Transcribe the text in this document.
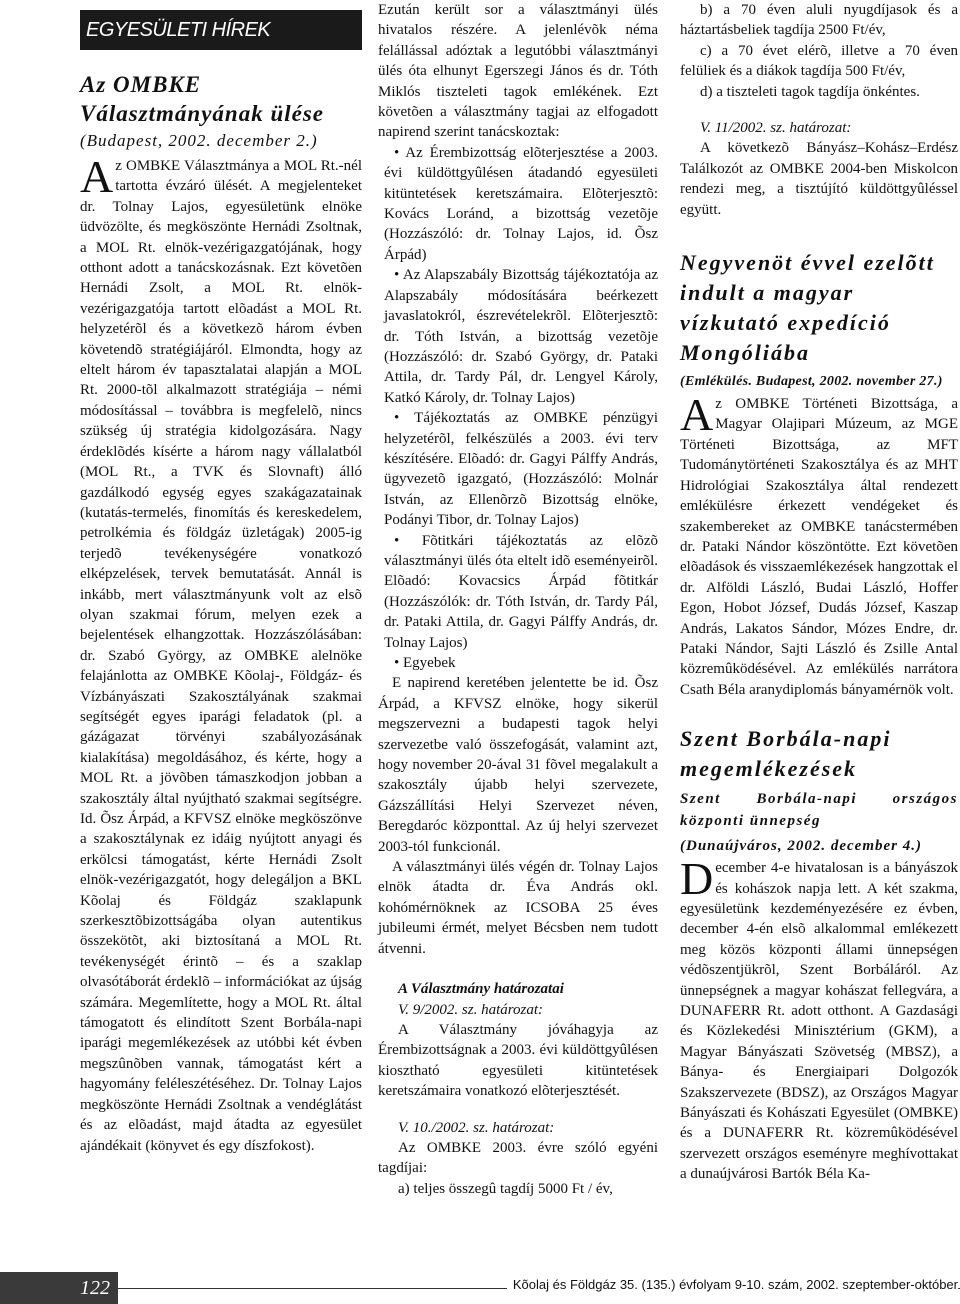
EGYESÜLETI HÍREK
Az OMBKE Választmányának ülése
(Budapest, 2002. december 2.)

Az OMBKE Választmánya a MOL Rt.-nél tartotta évzáró ülését. A megjelenteket dr. Tolnay Lajos, egyesületünk elnöke üdvözölte, és megköszönte Hernádi Zsoltnak, a MOL Rt. elnök-vezérigazgatójának, hogy otthont adott a tanácskozásnak. Ezt követõen Hernádi Zsolt, a MOL Rt. elnök-vezérigazgatója tartott elõadást a MOL Rt. helyzetérõl és a következõ három évben követendõ stratégiájáról. Elmondta, hogy az eltelt három év tapasztalatai alapján a MOL Rt. 2000-tõl alkalmazott stratégiája – némi módosítással – továbbra is megfelelõ, nincs szükség új stratégia kidolgozására. Nagy érdeklõdés kísérte a három nagy vállalatból (MOL Rt., a TVK és Slovnaft) álló gazdálkodó egység egyes szakágazatainak (kutatás-termelés, finomítás és kereskedelem, petrolkémia és földgáz üzletágak) 2005-ig terjedõ tevékenységére vonatkozó elképzelések, tervek bemutatását. Annál is inkább, mert választmányunk volt az elsõ olyan szakmai fórum, melyen ezek a bejelentések elhangzottak. Hozzászólásában: dr. Szabó György, az OMBKE alelnöke felajánlotta az OMBKE Kõolaj-, Földgáz- és Vízbányászati Szakosztályának szakmai segítségét egyes iparági feladatok (pl. a gázágazat törvényi szabályozásának kialakítása) megoldásához, és kérte, hogy a MOL Rt. a jövõben támaszkodjon jobban a szakosztály által nyújtható szakmai segítségre. Id. Õsz Árpád, a KFVSZ elnöke megköszönve a szakosztálynak ez idáig nyújtott anyagi és erkölcsi támogatást, kérte Hernádi Zsolt elnök-vezérigazgatót, hogy delegáljon a BKL Kõolaj és Földgáz szaklapunk szerkesztõbizottságába olyan autentikus összekötõt, aki biztosítaná a MOL Rt. tevékenységét érintõ – és a szaklap olvasótáborát érdeklõ – információkat az újság számára. Megemlítette, hogy a MOL Rt. által támogatott és elindított Szent Borbála-napi iparági megemlékezések az utóbbi két évben megszûnõben vannak, támogatást kért a hagyomány feléleszétéséhez. Dr. Tolnay Lajos megköszönte Hernádi Zsoltnak a vendéglátást és az elõadást, majd átadta az egyesület ajándékait (könyvet és egy díszfokost).

Ezután került sor a választmányi ülés hivatalos részére. A jelenlévõk néma felállással adóztak a legutóbbi választmányi ülés óta elhunyt Egerszegi János és dr. Tóth Miklós tiszteleti tagok emlékének. Ezt követõen a választmány tagjai az elfogadott napirend szerint tanácskoztak:

• Az Érembizottság elõterjesztése a 2003. évi küldöttgyûlésen átadandó egyesületi kitüntetések keretszámaira. Elõterjesztõ: Kovács Loránd, a bizottság vezetõje (Hozzászóló: dr. Tolnay Lajos, id. Õsz Árpád)

• Az Alapszabály Bizottság tájékoztatója az Alapszabály módosítására beérkezett javaslatokról, észrevételekrõl. Elõterjesztõ: dr. Tóth István, a bizottság vezetõje (Hozzászóló: dr. Szabó György, dr. Pataki Attila, dr. Tardy Pál, dr. Lengyel Károly, Katkó Károly, dr. Tolnay Lajos)

• Tájékoztatás az OMBKE pénzügyi helyzetérõl, felkészülés a 2003. évi terv készítésére. Elõadó: dr. Gagyi Pálffy András, ügyvezetõ igazgató, (Hozzászóló: Molnár István, az Ellenõrzõ Bizottság elnöke, Podányi Tibor, dr. Tolnay Lajos)

• Fõtitkári tájékoztatás az elõzõ választmányi ülés óta eltelt idõ eseményeirõl. Elõadó: Kovacsics Árpád fõtitkár (Hozzászólók: dr. Tóth István, dr. Tardy Pál, dr. Pataki Attila, dr. Gagyi Pálffy András, dr. Tolnay Lajos)

• Egyebek

E napirend keretében jelentette be id. Õsz Árpád, a KFVSZ elnöke, hogy sikerül megszervezni a budapesti tagok helyi szervezetbe való összefogását, valamint azt, hogy november 20-ával 31 fõvel megalakult a szakosztály újabb helyi szervezete, Gázszállítási Helyi Szervezet néven, Beregdaróc központtal. Az új helyi szervezet 2003-tól funkcionál.

A választmányi ülés végén dr. Tolnay Lajos elnök átadta dr. Éva András okl. kohómérnöknek az ICSOBA 25 éves jubileumi érmét, melyet Bécsben nem tudott átvenni.

A Választmány határozatai

V. 9/2002. sz. határozat:

A Választmány jóváhagyja az Érembizottságnak a 2003. évi küldöttgyûlésen kiosztható egyesületi kitüntetések keretszámaira vonatkozó elõterjesztését.

V. 10./2002. sz. határozat:

Az OMBKE 2003. évre szóló egyéni tagdíjai:

a) teljes összegû tagdíj 5000 Ft / év,

b) a 70 éven aluli nyugdíjasok és a háztartásbeliek tagdíja 2500 Ft/év,

c) a 70 évet elérõ, illetve a 70 éven felüliek és a diákok tagdíja 500 Ft/év,

d) a tiszteleti tagok tagdíja önkéntes.

V. 11/2002. sz. határozat:

A következõ Bányász–Kohász–Erdész Találkozót az OMBKE 2004-ben Miskolcon rendezi meg, a tisztújító küldöttgyûléssel együtt.

Negyvenöt évvel ezelõtt indult a magyar vízkutató expedíció Mongóliába
(Emlékülés. Budapest, 2002. november 27.)

Az OMBKE Történeti Bizottsága, a Magyar Olajipari Múzeum, az MGE Történeti Bizottsága, az MFT Tudománytörténeti Szakosztálya és az MHT Hidrológiai Szakosztálya által rendezett emlékülésre érkezett vendégeket és szakembereket az OMBKE tanácstermében dr. Pataki Nándor köszöntötte. Ezt követõen elõadások és visszaemlékezések hangzottak el dr. Alföldi László, Budai László, Hoffer Egon, Hobot József, Dudás József, Kaszap András, Lakatos Sándor, Mózes Endre, dr. Pataki Nándor, Sajti László és Zsille Antal közremûködésével. Az emlékülés narrátora Csath Béla aranydiplomás bányamérnök volt.

Szent Borbála-napi megemlékezések
Szent Borbála-napi országos központi ünnepség
(Dunaújváros, 2002. december 4.)

December 4-e hivatalosan is a bányászok és kohászok napja lett. A két szakma, egyesületünk kezdeményezésére ez évben, december 4-én elsõ alkalommal emlékezett meg közös központi állami ünnepségen védõszentjükrõl, Szent Borbáláról. Az ünnepségnek a magyar kohászat fellegvára, a DUNAFERR Rt. adott otthont. A Gazdasági és Közlekedési Minisztérium (GKM), a Magyar Bányászati Szövetség (MBSZ), a Bánya- és Energiaipari Dolgozók Szakszervezete (BDSZ), az Országos Magyar Bányászati és Kohászati Egyesület (OMBKE) és a DUNAFERR Rt. közremûködésével szervezett országos eseményre meghívottakat a dunaújvárosi Bartók Béla Ka-

122	Kõolaj és Földgáz 35. (135.) évfolyam 9-10. szám, 2002. szeptember-október
